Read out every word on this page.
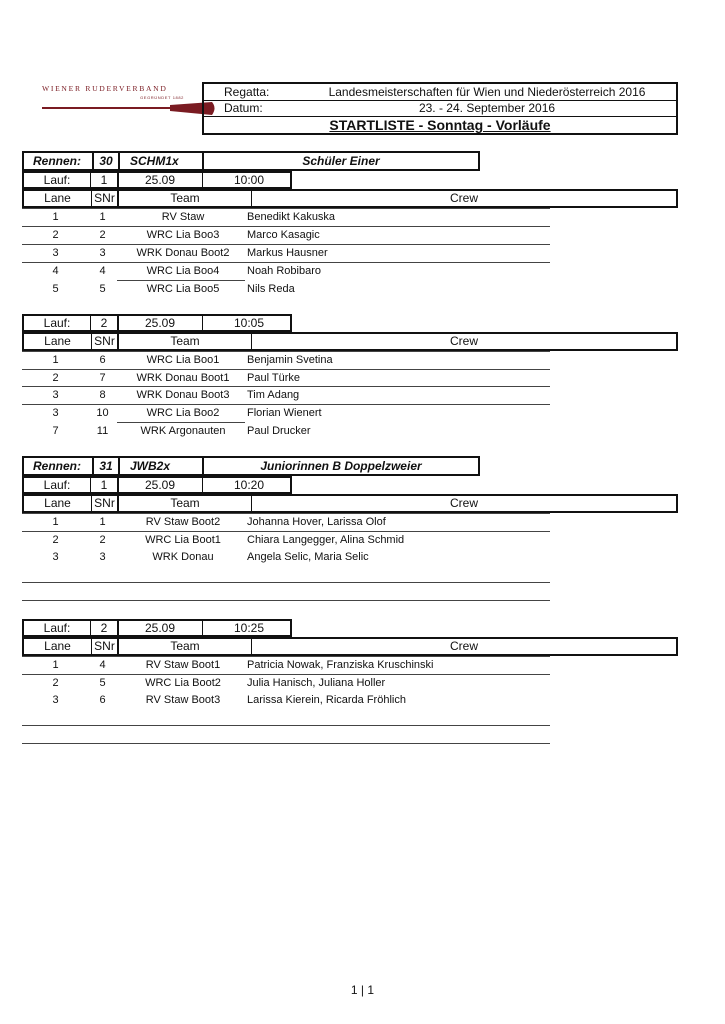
WIENER RUDERVERBAND
GEGRÜNDET 1882	Regatta:	Landesmeisterschaften für Wien und Niederösterreich 2016
Datum:	23. - 24. September 2016
STARTLISTE - Sonntag - Vorläufe
Rennen:	30	SCHM1x	Schüler Einer
Lauf:	1	25.09	10:00
Lane	SNr	Team	Crew
1	1	RV Staw	Benedikt Kakuska
2	2	WRC Lia Boo3	Marco Kasagic
3	3	WRK Donau Boot2	Markus Hausner
4	4	WRC Lia Boo4	Noah Robibaro
5	5	WRC Lia Boo5	Nils Reda
Lauf:	2	25.09	10:05
Lane	SNr	Team	Crew
1	6	WRC Lia Boo1	Benjamin Svetina
2	7	WRK Donau Boot1	Paul Türke
3	8	WRK Donau Boot3	Tim Adang
3	10	WRC Lia Boo2	Florian Wienert
7	11	WRK Argonauten	Paul Drucker
Rennen:	31	JWB2x	Juniorinnen B Doppelzweier
Lauf:	1	25.09	10:20
Lane	SNr	Team	Crew
1	1	RV Staw Boot2	Johanna Hover, Larissa Olof
2	2	WRC Lia Boot1	Chiara Langegger, Alina Schmid
3	3	WRK Donau	Angela Selic, Maria Selic
Lauf:	2	25.09	10:25
Lane	SNr	Team	Crew
1	4	RV Staw Boot1	Patricia Nowak, Franziska Kruschinski
2	5	WRC Lia Boot2	Julia Hanisch, Juliana Holler
3	6	RV Staw Boot3	Larissa Kierein, Ricarda Fröhlich
1 | 1
